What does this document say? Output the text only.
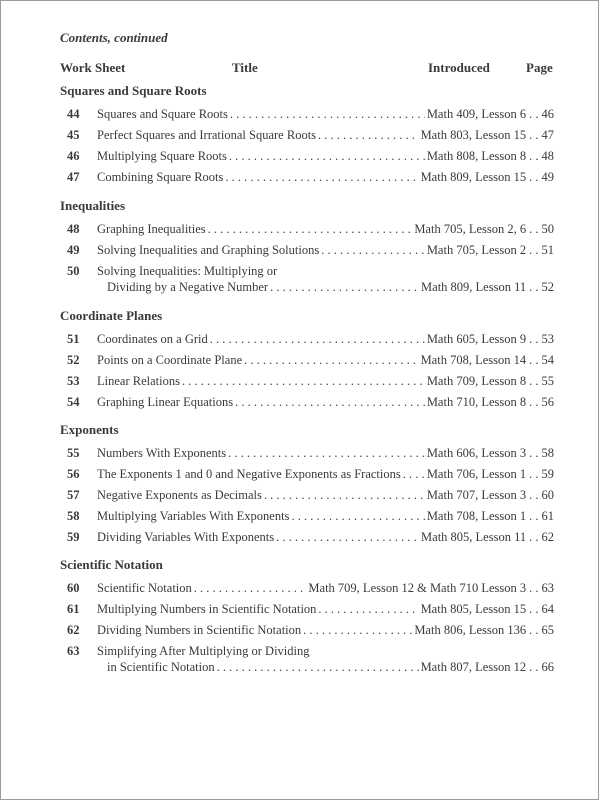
Contents, continued
Work Sheet	Title	Introduced	Page
Squares and Square Roots
44 Squares and Square Roots . . .	Math 409, Lesson 6 . . 46
45 Perfect Squares and Irrational Square Roots . . .	Math 803, Lesson 15 . . 47
46 Multiplying Square Roots . . .	Math 808, Lesson 8 . . 48
47 Combining Square Roots . . .	Math 809, Lesson 15 . . 49
Inequalities
48 Graphing Inequalities . . .	Math 705, Lesson 2, 6 . . 50
49 Solving Inequalities and Graphing Solutions . . .	Math 705, Lesson 2 . . 51
50 Solving Inequalities: Multiplying or
Dividing by a Negative Number . . .	Math 809, Lesson 11 . . 52
Coordinate Planes
51 Coordinates on a Grid . . .	Math 605, Lesson 9 . . 53
52 Points on a Coordinate Plane . . .	Math 708, Lesson 14 . . 54
53 Linear Relations . . .	Math 709, Lesson 8 . . 55
54 Graphing Linear Equations . . .	Math 710, Lesson 8 . . 56
Exponents
55 Numbers With Exponents . . .	Math 606, Lesson 3 . . 58
56 The Exponents 1 and 0 and Negative Exponents as Fractions . . . Math 706, Lesson 1 . . 59
57 Negative Exponents as Decimals . . .	Math 707, Lesson 3 . . 60
58 Multiplying Variables With Exponents . . .	Math 708, Lesson 1 . . 61
59 Dividing Variables With Exponents . . .	Math 805, Lesson 11 . . 62
Scientific Notation
60 Scientific Notation . . .	Math 709, Lesson 12 & Math 710 Lesson 3 . . 63
61 Multiplying Numbers in Scientific Notation . . .	Math 805, Lesson 15 . . 64
62 Dividing Numbers in Scientific Notation . . .	Math 806, Lesson 136 . . 65
63 Simplifying After Multiplying or Dividing
in Scientific Notation . . .	Math 807, Lesson 12 . . 66
